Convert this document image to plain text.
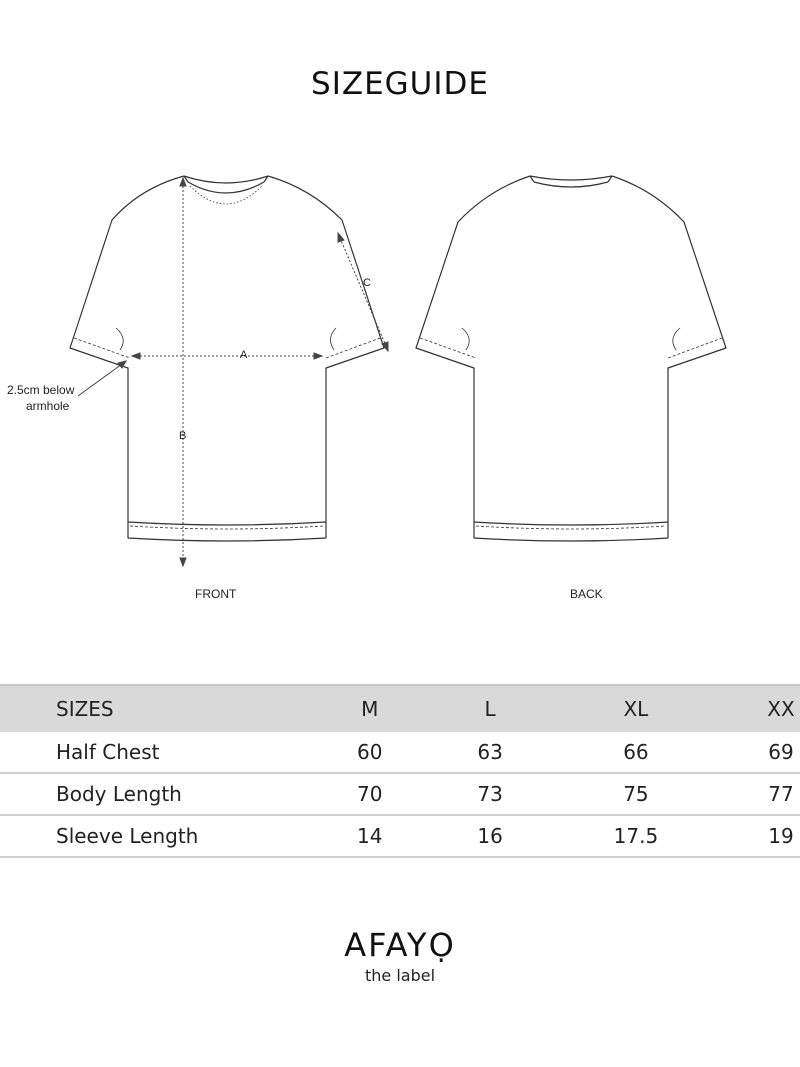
SIZEGUIDE
A
B
C
2.5cm below
armhole
FRONT	BACK
SIZES	M	L	XL	XX
Half Chest	60	63	66	69
Body Length	70	73	75	77
Sleeve Length	14	16	17.5	19
AFAYỌ
the label
